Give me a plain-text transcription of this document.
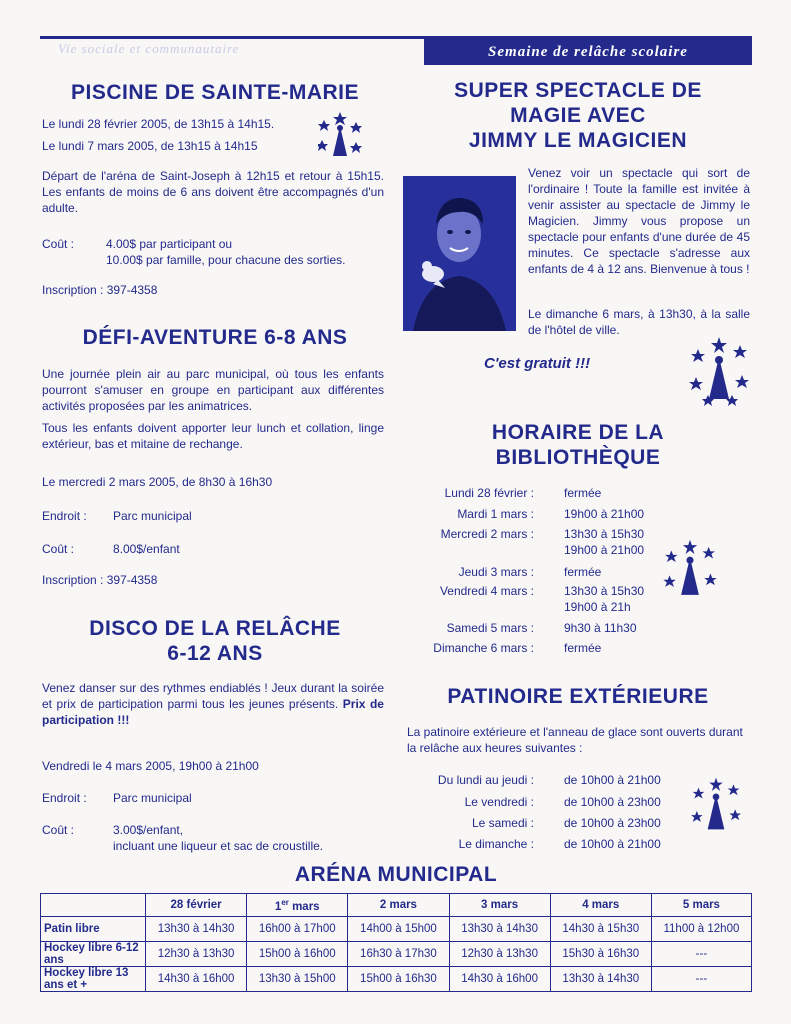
Vie sociale et communautaire	Semaine de relâche scolaire
PISCINE DE SAINTE-MARIE
Le lundi 28 février 2005, de 13h15 à 14h15.
Le lundi 7 mars 2005, de 13h15 à 14h15
Départ de l'aréna de Saint-Joseph à 12h15 et retour à 15h15. Les enfants de moins de 6 ans doivent être accompagnés d'un adulte.
Coût :	4.00$ par participant ou
10.00$ par famille, pour chacune des sorties.
Inscription : 397-4358
DÉFI-AVENTURE 6-8 ANS
Une journée plein air au parc municipal, où tous les enfants pourront s'amuser en groupe en participant aux différentes activités proposées par les animatrices.
Tous les enfants doivent apporter leur lunch et collation, linge extérieur, bas et mitaine de rechange.
Le mercredi 2 mars 2005, de 8h30 à 16h30
Endroit : Parc municipal
Coût :	8.00$/enfant
Inscription : 397-4358
DISCO DE LA RELÂCHE
6-12 ANS
Venez danser sur des rythmes endiablés ! Jeux durant la soirée et prix de participation parmi tous les jeunes présents. Prix de participation !!!
Vendredi le 4 mars 2005, 19h00 à 21h00
Endroit : Parc municipal
Coût :	3.00$/enfant,
incluant une liqueur et sac de croustille.
SUPER SPECTACLE DE
MAGIE AVEC
JIMMY LE MAGICIEN
Venez voir un spectacle qui sort de l'ordinaire ! Toute la famille est invitée à venir assister au spectacle de Jimmy le Magicien. Jimmy vous propose un spectacle pour enfants d'une durée de 45 minutes. Ce spectacle s'adresse aux enfants de 4 à 12 ans. Bienvenue à tous !
Le dimanche 6 mars, à 13h30, à la salle de l'hôtel de ville.
C'est gratuit !!!
HORAIRE DE LA
BIBLIOTHÈQUE
Lundi 28 février :	fermée
Mardi 1 mars :	19h00 à 21h00
Mercredi 2 mars :	13h30 à 15h30
19h00 à 21h00
Jeudi 3 mars :	fermée
Vendredi 4 mars :	13h30 à 15h30
19h00 à 21h
Samedi 5 mars :	9h30 à 11h30
Dimanche 6 mars :	fermée
PATINOIRE EXTÉRIEURE
La patinoire extérieure et l'anneau de glace sont ouverts durant la relâche aux heures suivantes :
Du lundi au jeudi :	de 10h00 à 21h00
Le vendredi :	de 10h00 à 23h00
Le samedi :	de 10h00 à 23h00
Le dimanche :	de 10h00 à 21h00
ARÉNA MUNICIPAL
	28 février	1er mars	2 mars	3 mars	4 mars	5 mars
Patin libre	13h30 à 14h30	16h00 à 17h00	14h00 à 15h00	13h30 à 14h30	14h30 à 15h30	11h00 à 12h00
Hockey libre 6-12 ans	12h30 à 13h30	15h00 à 16h00	16h30 à 17h30	12h30 à 13h30	15h30 à 16h30	---
Hockey libre 13 ans et +	14h30 à 16h00	13h30 à 15h00	15h00 à 16h30	14h30 à 16h00	13h30 à 14h30	---
